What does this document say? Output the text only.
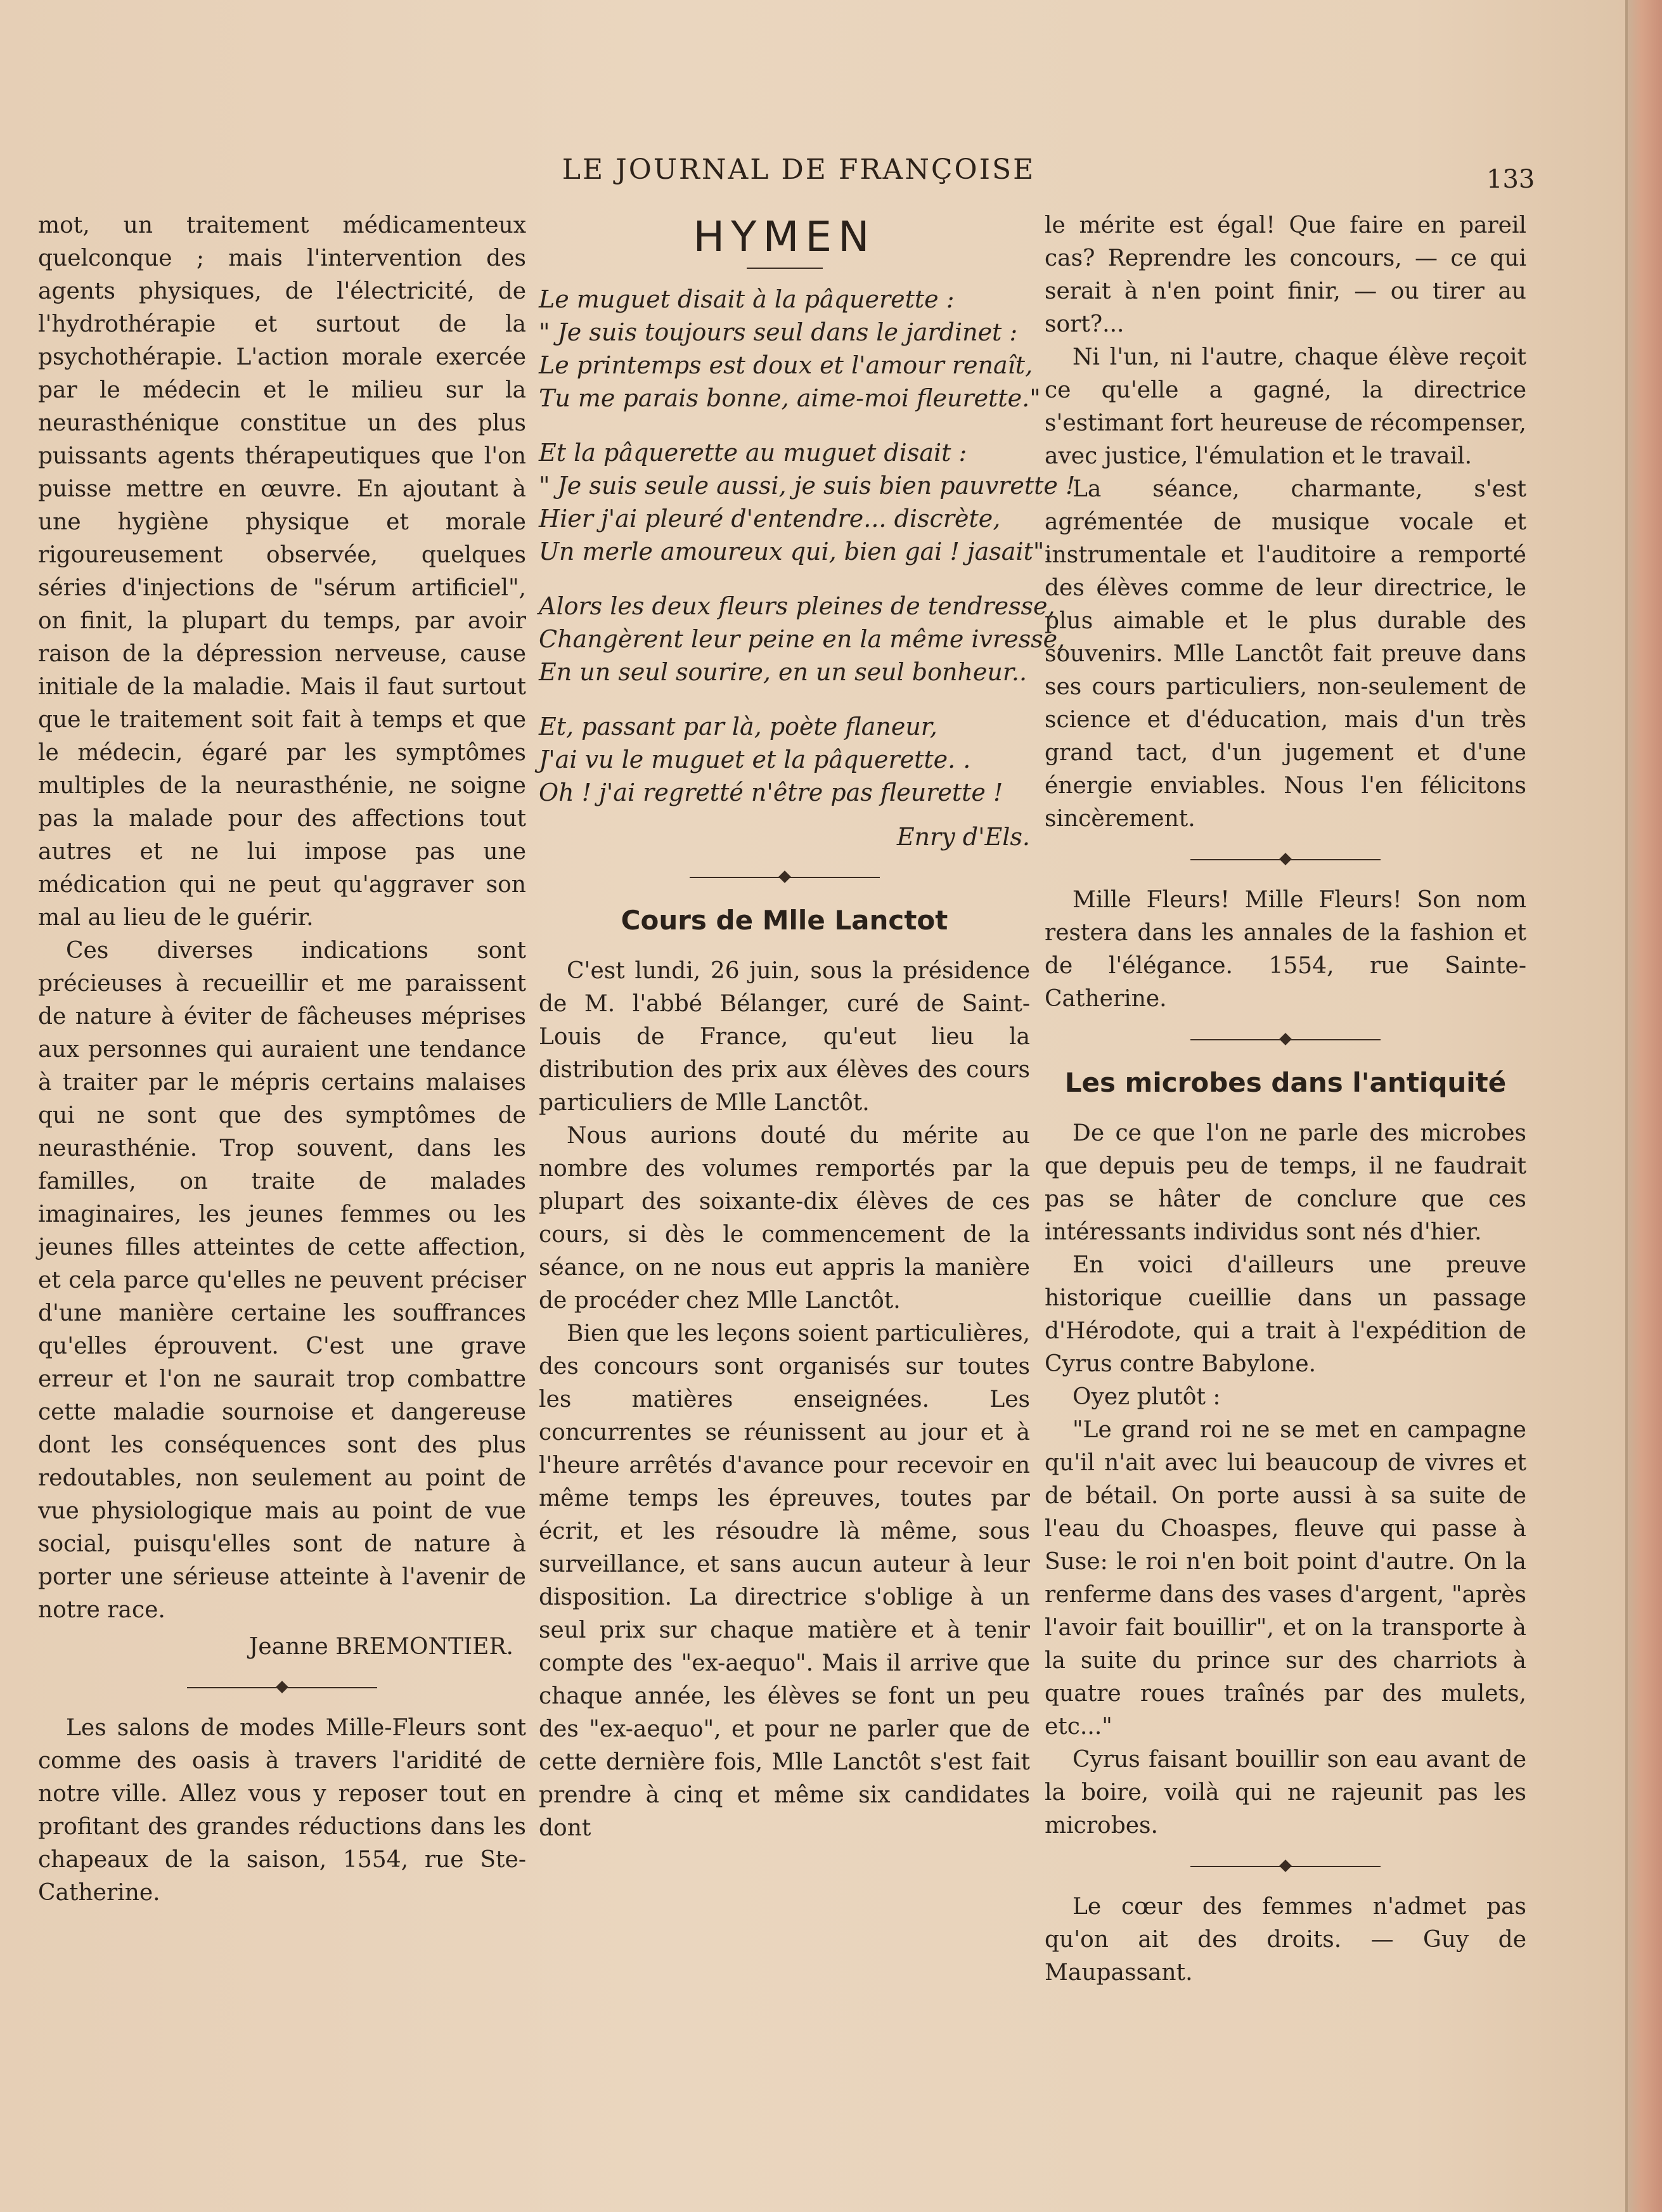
LE JOURNAL DE FRANÇOISE	133

mot, un traitement médicamenteux quelconque ; mais l'intervention des agents physiques, de l'électricité, de l'hydrothérapie et surtout de la psychothérapie. L'action morale exercée par le médecin et le milieu sur la neurasthénique constitue un des plus puissants agents thérapeutiques que l'on puisse mettre en œuvre. En ajoutant à une hygiène physique et morale rigoureusement observée, quelques séries d'injections de "sérum artificiel", on finit, la plupart du temps, par avoir raison de la dépression nerveuse, cause initiale de la maladie. Mais il faut surtout que le traitement soit fait à temps et que le médecin, égaré par les symptômes multiples de la neurasthénie, ne soigne pas la malade pour des affections tout autres et ne lui impose pas une médication qui ne peut qu'aggraver son mal au lieu de le guérir.

Ces diverses indications sont précieuses à recueillir et me paraissent de nature à éviter de fâcheuses méprises aux personnes qui auraient une tendance à traiter par le mépris certains malaises qui ne sont que des symptômes de neurasthénie. Trop souvent, dans les familles, on traite de malades imaginaires, les jeunes femmes ou les jeunes filles atteintes de cette affection, et cela parce qu'elles ne peuvent préciser d'une manière certaine les souffrances qu'elles éprouvent. C'est une grave erreur et l'on ne saurait trop combattre cette maladie sournoise et dangereuse dont les conséquences sont des plus redoutables, non seulement au point de vue physiologique mais au point de vue social, puisqu'elles sont de nature à porter une sérieuse atteinte à l'avenir de notre race.

Jeanne BREMONTIER.

Les salons de modes Mille-Fleurs sont comme des oasis à travers l'aridité de notre ville. Allez vous y reposer tout en profitant des grandes réductions dans les chapeaux de la saison, 1554, rue Ste-Catherine.

HYMEN
Le muguet disait à la pâquerette :
" Je suis toujours seul dans le jardinet :
Le printemps est doux et l'amour renaît,
Tu me parais bonne, aime-moi fleurette."
Et la pâquerette au muguet disait :
" Je suis seule aussi, je suis bien pauvrette !
Hier j'ai pleuré d'entendre... discrète,
Un merle amoureux qui, bien gai ! jasait".
Alors les deux fleurs pleines de tendresse,
Changèrent leur peine en la même ivresse,
En un seul sourire, en un seul bonheur..
Et, passant par là, poète flaneur,
J'ai vu le muguet et la pâquerette. .
Oh ! j'ai regretté n'être pas fleurette !
Enry d'Els.
Cours de Mlle Lanctot

C'est lundi, 26 juin, sous la présidence de M. l'abbé Bélanger, curé de Saint-Louis de France, qu'eut lieu la distribution des prix aux élèves des cours particuliers de Mlle Lanctôt.

Nous aurions douté du mérite au nombre des volumes remportés par la plupart des soixante-dix élèves de ces cours, si dès le commencement de la séance, on ne nous eut appris la manière de procéder chez Mlle Lanctôt.

Bien que les leçons soient particulières, des concours sont organisés sur toutes les matières enseignées. Les concurrentes se réunissent au jour et à l'heure arrêtés d'avance pour recevoir en même temps les épreuves, toutes par écrit, et les résoudre là même, sous surveillance, et sans aucun auteur à leur disposition. La directrice s'oblige à un seul prix sur chaque matière et à tenir compte des "ex-aequo". Mais il arrive que chaque année, les élèves se font un peu des "ex-aequo", et pour ne parler que de cette dernière fois, Mlle Lanctôt s'est fait prendre à cinq et même six candidates dont

le mérite est égal! Que faire en pareil cas? Reprendre les concours, — ce qui serait à n'en point finir, — ou tirer au sort?...

Ni l'un, ni l'autre, chaque élève reçoit ce qu'elle a gagné, la directrice s'estimant fort heureuse de récompenser, avec justice, l'émulation et le travail.

La séance, charmante, s'est agrémentée de musique vocale et instrumentale et l'auditoire a remporté des élèves comme de leur directrice, le plus aimable et le plus durable des souvenirs. Mlle Lanctôt fait preuve dans ses cours particuliers, non-seulement de science et d'éducation, mais d'un très grand tact, d'un jugement et d'une énergie enviables. Nous l'en félicitons sincèrement.

Mille Fleurs! Mille Fleurs! Son nom restera dans les annales de la fashion et de l'élégance. 1554, rue Sainte-Catherine.

Les microbes dans l'antiquité

De ce que l'on ne parle des microbes que depuis peu de temps, il ne faudrait pas se hâter de conclure que ces intéressants individus sont nés d'hier.

En voici d'ailleurs une preuve historique cueillie dans un passage d'Hérodote, qui a trait à l'expédition de Cyrus contre Babylone.

Oyez plutôt :

"Le grand roi ne se met en campagne qu'il n'ait avec lui beaucoup de vivres et de bétail. On porte aussi à sa suite de l'eau du Choaspes, fleuve qui passe à Suse: le roi n'en boit point d'autre. On la renferme dans des vases d'argent, "après l'avoir fait bouillir", et on la transporte à la suite du prince sur des charriots à quatre roues traînés par des mulets, etc..."

Cyrus faisant bouillir son eau avant de la boire, voilà qui ne rajeunit pas les microbes.

Le cœur des femmes n'admet pas qu'on ait des droits. — Guy de Maupassant.
